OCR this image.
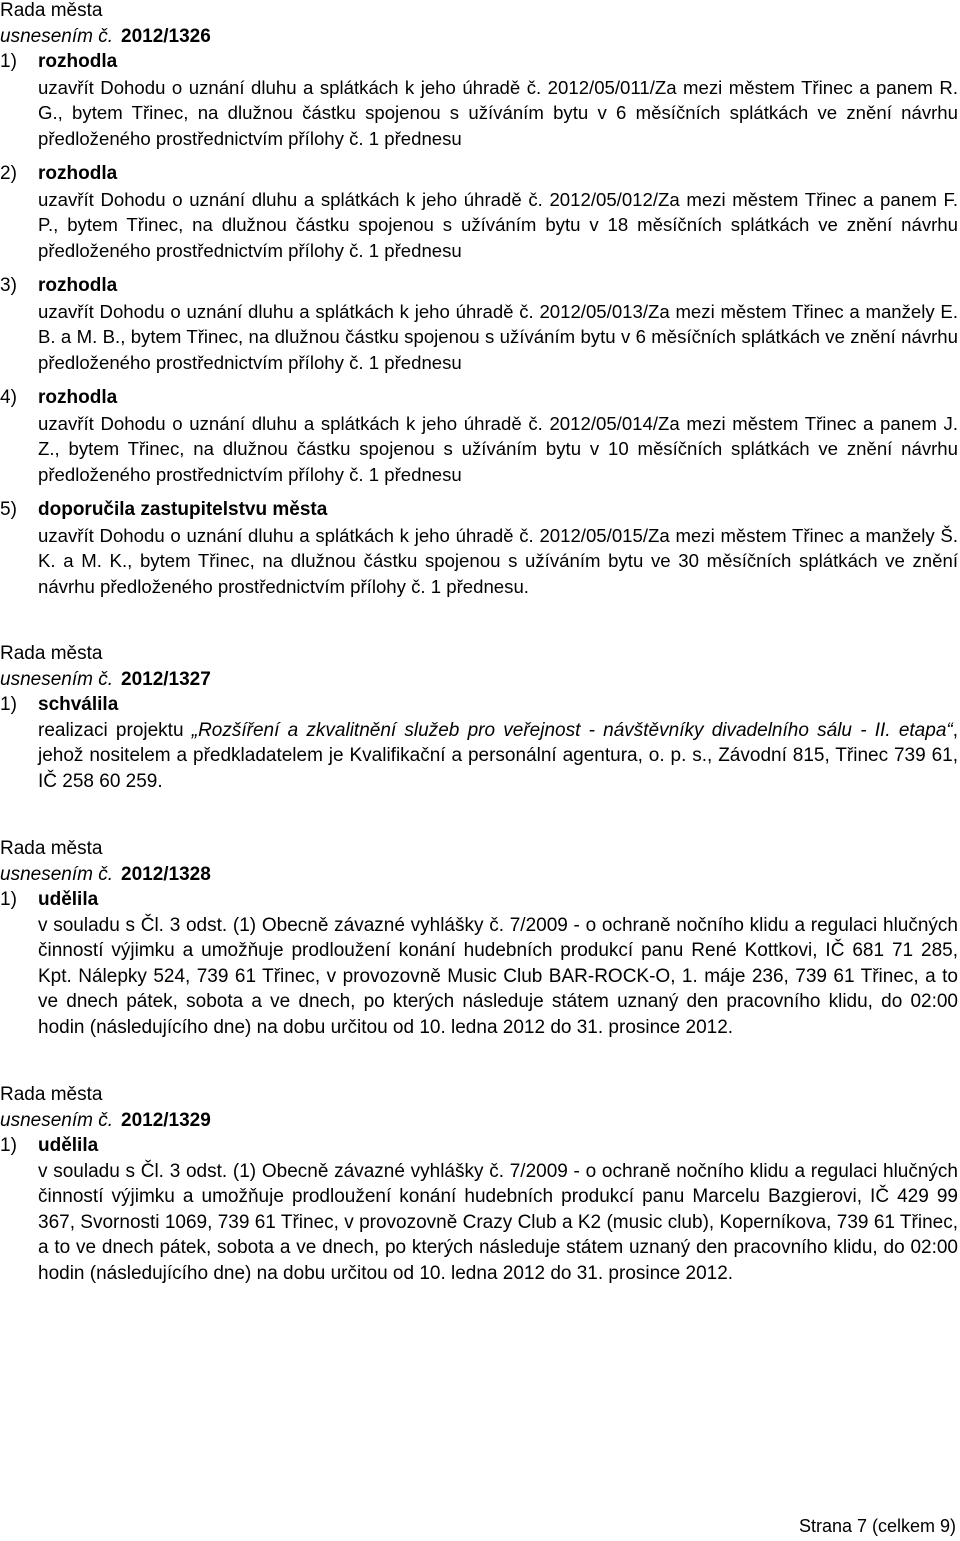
Rada města

usnesením č. 2012/1326

1) rozhodla

uzavřít Dohodu o uznání dluhu a splátkách k jeho úhradě č. 2012/05/011/Za mezi městem Třinec a panem R. G., bytem Třinec, na dlužnou částku spojenou s užíváním bytu v 6 měsíčních splátkách ve znění návrhu předloženého prostřednictvím přílohy č. 1 přednesu

2) rozhodla

uzavřít Dohodu o uznání dluhu a splátkách k jeho úhradě č. 2012/05/012/Za mezi městem Třinec a panem F. P., bytem Třinec, na dlužnou částku spojenou s užíváním bytu v 18 měsíčních splátkách ve znění návrhu předloženého prostřednictvím přílohy č. 1 přednesu

3) rozhodla

uzavřít Dohodu o uznání dluhu a splátkách k jeho úhradě č. 2012/05/013/Za mezi městem Třinec a manžely E. B. a M. B., bytem Třinec, na dlužnou částku spojenou s užíváním bytu v 6 měsíčních splátkách ve znění návrhu předloženého prostřednictvím přílohy č. 1 přednesu

4) rozhodla

uzavřít Dohodu o uznání dluhu a splátkách k jeho úhradě č. 2012/05/014/Za mezi městem Třinec a panem J. Z., bytem Třinec, na dlužnou částku spojenou s užíváním bytu v 10 měsíčních splátkách ve znění návrhu předloženého prostřednictvím přílohy č. 1 přednesu

5) doporučila zastupitelstvu města

uzavřít Dohodu o uznání dluhu a splátkách k jeho úhradě č. 2012/05/015/Za mezi městem Třinec a manžely Š. K. a M. K., bytem Třinec, na dlužnou částku spojenou s užíváním bytu ve 30 měsíčních splátkách ve znění návrhu předloženého prostřednictvím přílohy č. 1 přednesu.

Rada města

usnesením č. 2012/1327

1) schválila

realizaci projektu „Rozšíření a zkvalitnění služeb pro veřejnost - návštěvníky divadelního sálu - II. etapa“, jehož nositelem a předkladatelem je Kvalifikační a personální agentura, o. p. s., Závodní 815, Třinec 739 61, IČ 258 60 259.

Rada města

usnesením č. 2012/1328

1) udělila

v souladu s Čl. 3 odst. (1) Obecně závazné vyhlášky č. 7/2009 - o ochraně nočního klidu a regulaci hlučných činností výjimku a umožňuje prodloužení konání hudebních produkcí panu René Kottkovi, IČ 681 71 285, Kpt. Nálepky 524, 739 61 Třinec, v provozovně Music Club BAR-ROCK-O, 1. máje 236, 739 61 Třinec, a to ve dnech pátek, sobota a ve dnech, po kterých následuje státem uznaný den pracovního klidu, do 02:00 hodin (následujícího dne) na dobu určitou od 10. ledna 2012 do 31. prosince 2012.

Rada města

usnesením č. 2012/1329

1) udělila

v souladu s Čl. 3 odst. (1) Obecně závazné vyhlášky č. 7/2009 - o ochraně nočního klidu a regulaci hlučných činností výjimku a umožňuje prodloužení konání hudebních produkcí panu Marcelu Bazgierovi, IČ 429 99 367, Svornosti 1069, 739 61 Třinec, v provozovně Crazy Club a K2 (music club), Koperníkova, 739 61 Třinec, a to ve dnech pátek, sobota a ve dnech, po kterých následuje státem uznaný den pracovního klidu, do 02:00 hodin (následujícího dne) na dobu určitou od 10. ledna 2012 do 31. prosince 2012.

Strana 7 (celkem 9)
